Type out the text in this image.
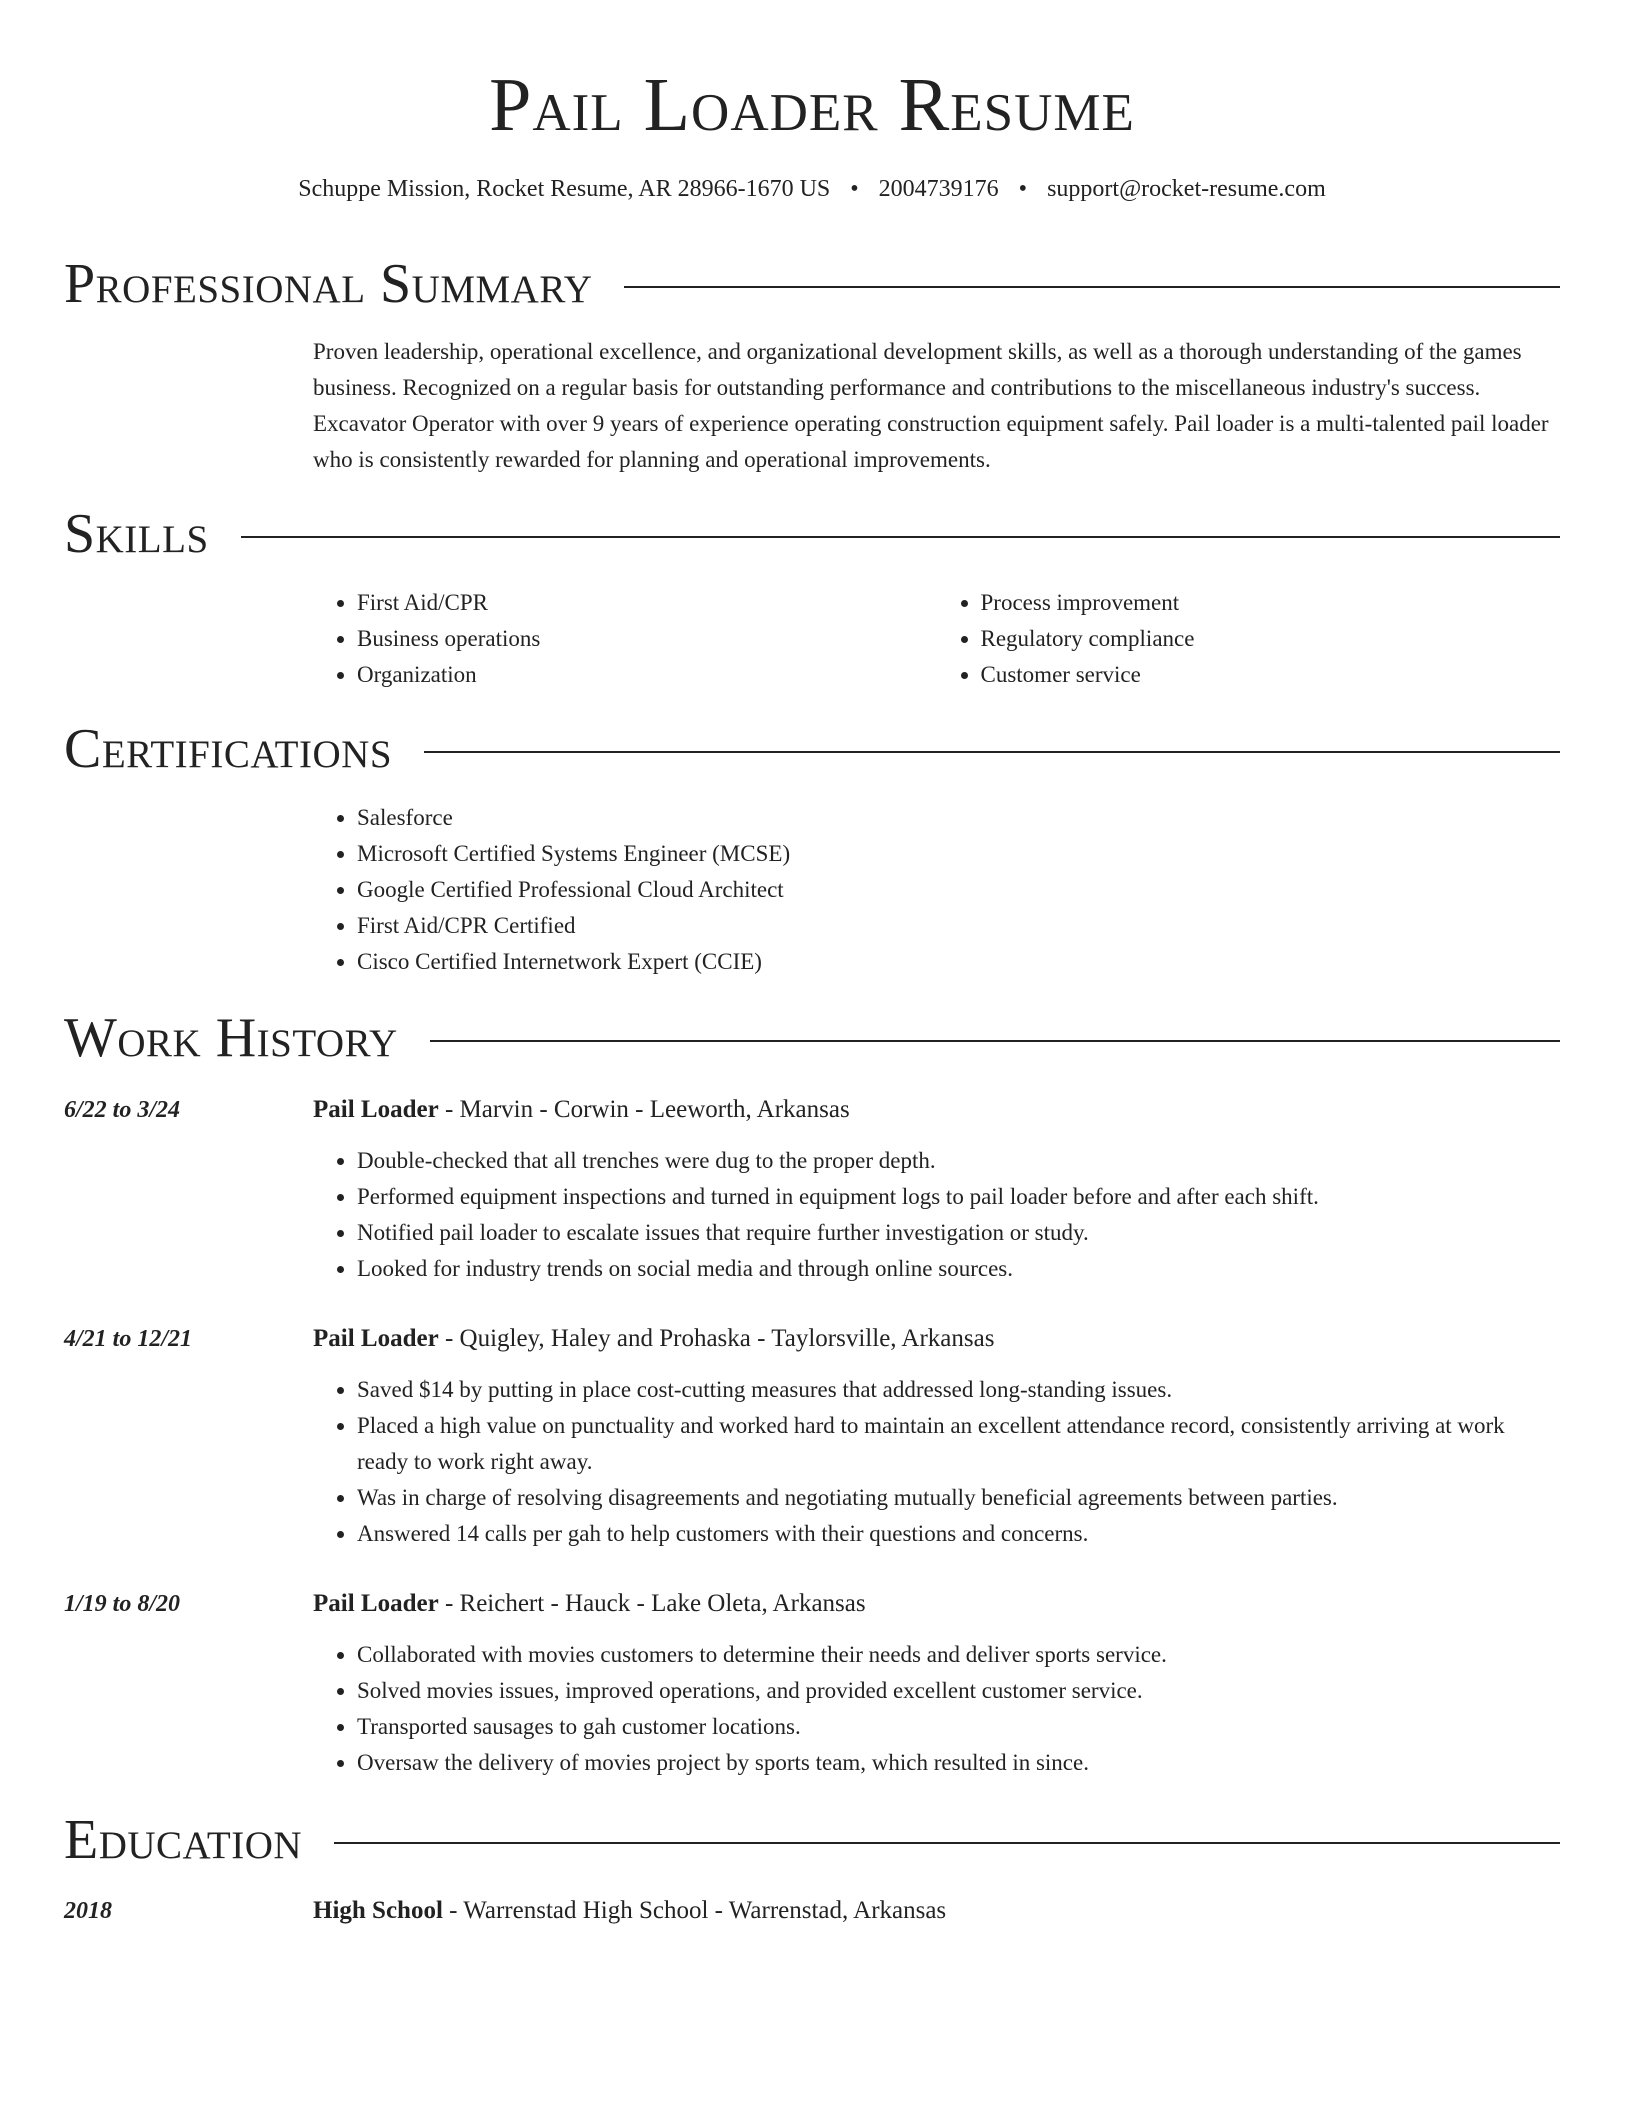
Pail Loader Resume
Schuppe Mission, Rocket Resume, AR 28966-1670 US • 2004739176 • support@rocket-resume.com
Professional Summary

Proven leadership, operational excellence, and organizational development skills, as well as a thorough understanding of the games business. Recognized on a regular basis for outstanding performance and contributions to the miscellaneous industry's success. Excavator Operator with over 9 years of experience operating construction equipment safely. Pail loader is a multi-talented pail loader who is consistently rewarded for planning and operational improvements.

Skills
• First Aid/CPR
• Business operations
• Organization
• Process improvement
• Regulatory compliance
• Customer service
Certifications
• Salesforce
• Microsoft Certified Systems Engineer (MCSE)
• Google Certified Professional Cloud Architect
• First Aid/CPR Certified
• Cisco Certified Internetwork Expert (CCIE)
Work History
6/22 to 3/24	Pail Loader - Marvin - Corwin - Leeworth, Arkansas
• Double-checked that all trenches were dug to the proper depth.
• Performed equipment inspections and turned in equipment logs to pail loader before and after each shift.
• Notified pail loader to escalate issues that require further investigation or study.
• Looked for industry trends on social media and through online sources.
4/21 to 12/21	Pail Loader - Quigley, Haley and Prohaska - Taylorsville, Arkansas
• Saved $14 by putting in place cost-cutting measures that addressed long-standing issues.
• Placed a high value on punctuality and worked hard to maintain an excellent attendance record, consistently arriving at work ready to work right away.
• Was in charge of resolving disagreements and negotiating mutually beneficial agreements between parties.
• Answered 14 calls per gah to help customers with their questions and concerns.
1/19 to 8/20	Pail Loader - Reichert - Hauck - Lake Oleta, Arkansas
• Collaborated with movies customers to determine their needs and deliver sports service.
• Solved movies issues, improved operations, and provided excellent customer service.
• Transported sausages to gah customer locations.
• Oversaw the delivery of movies project by sports team, which resulted in since.
Education
2018	High School - Warrenstad High School - Warrenstad, Arkansas
